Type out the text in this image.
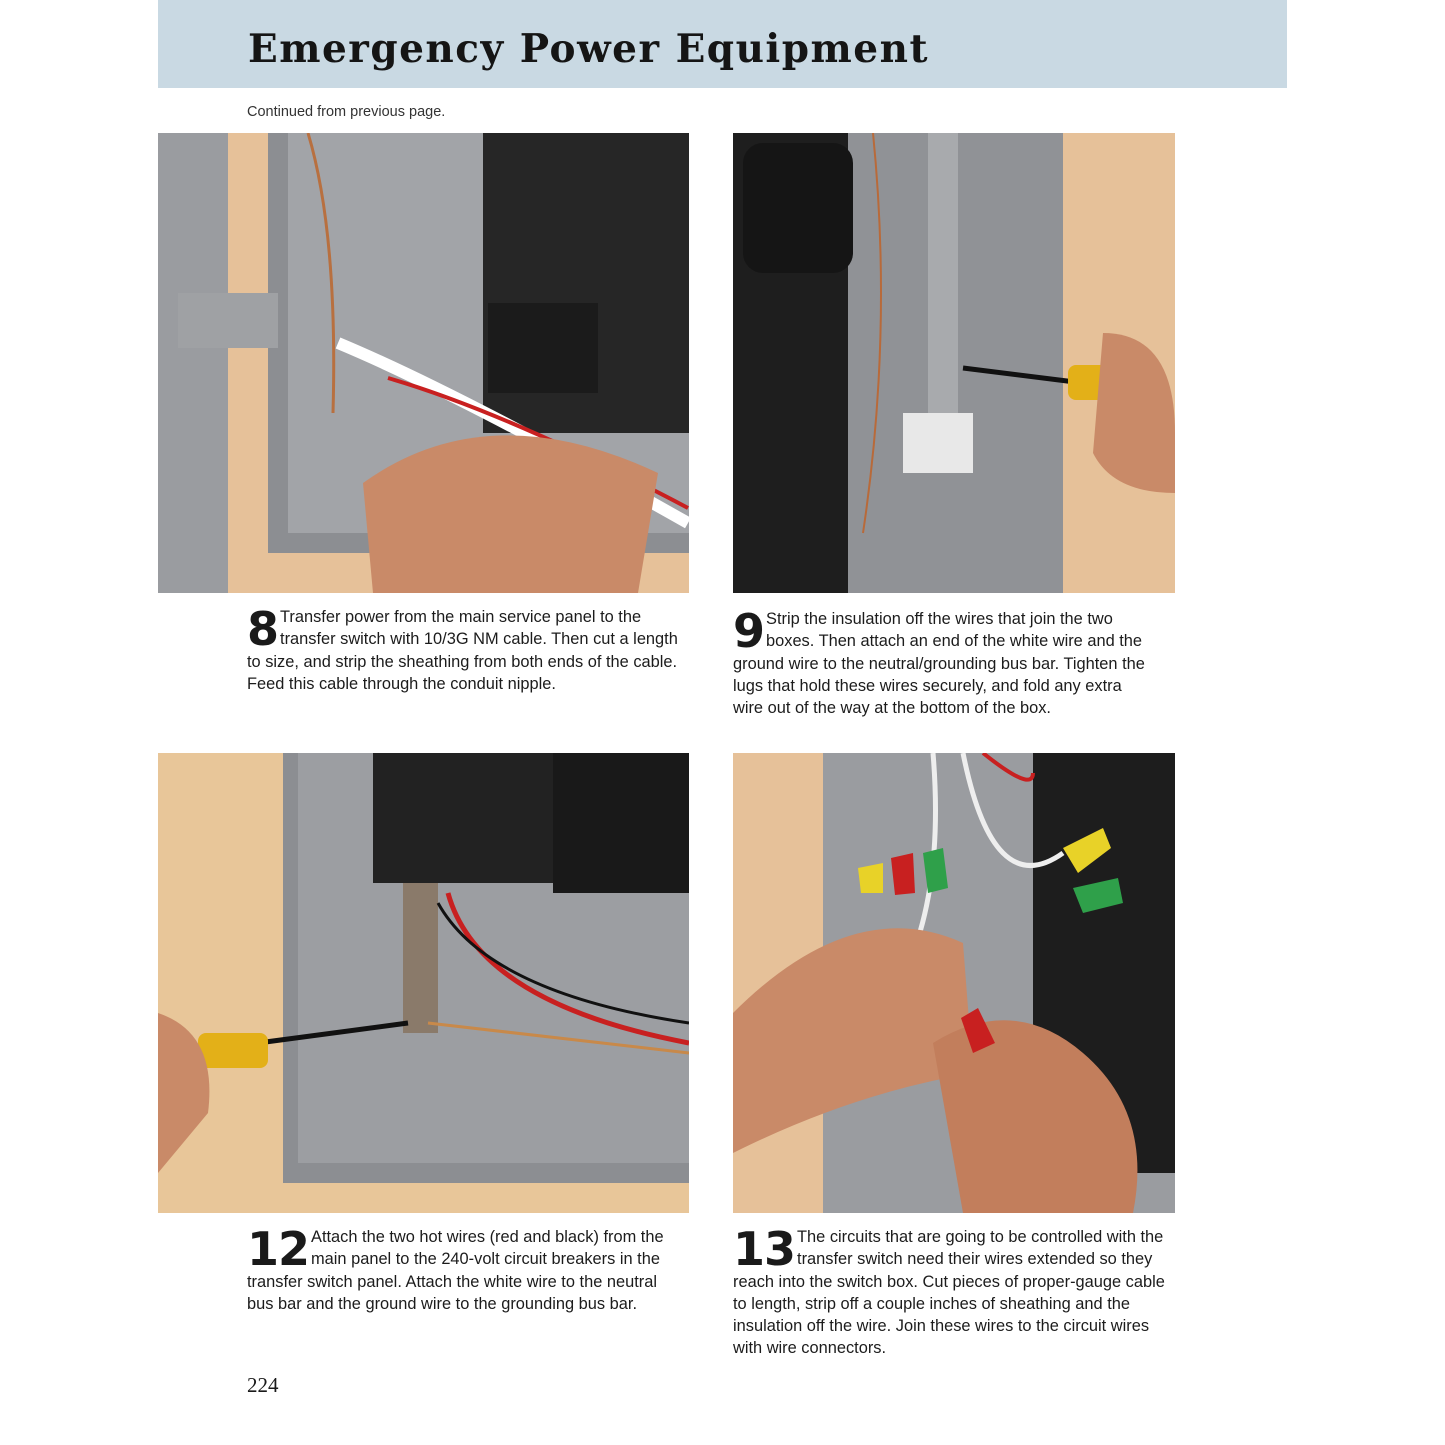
Emergency Power Equipment
Continued from previous page.
8 Transfer power from the main service panel to the transfer switch with 10/3G NM cable. Then cut a length to size, and strip the sheathing from both ends of the cable. Feed this cable through the conduit nipple.
9 Strip the insulation off the wires that join the two boxes. Then attach an end of the white wire and the ground wire to the neutral/grounding bus bar. Tighten the lugs that hold these wires securely, and fold any extra wire out of the way at the bottom of the box.
12 Attach the two hot wires (red and black) from the main panel to the 240-volt circuit breakers in the transfer switch panel. Attach the white wire to the neutral bus bar and the ground wire to the grounding bus bar.
13 The circuits that are going to be controlled with the transfer switch need their wires extended so they reach into the switch box. Cut pieces of proper-gauge cable to length, strip off a couple inches of sheathing and the insulation off the wire. Join these wires to the circuit wires with wire connectors.
224
